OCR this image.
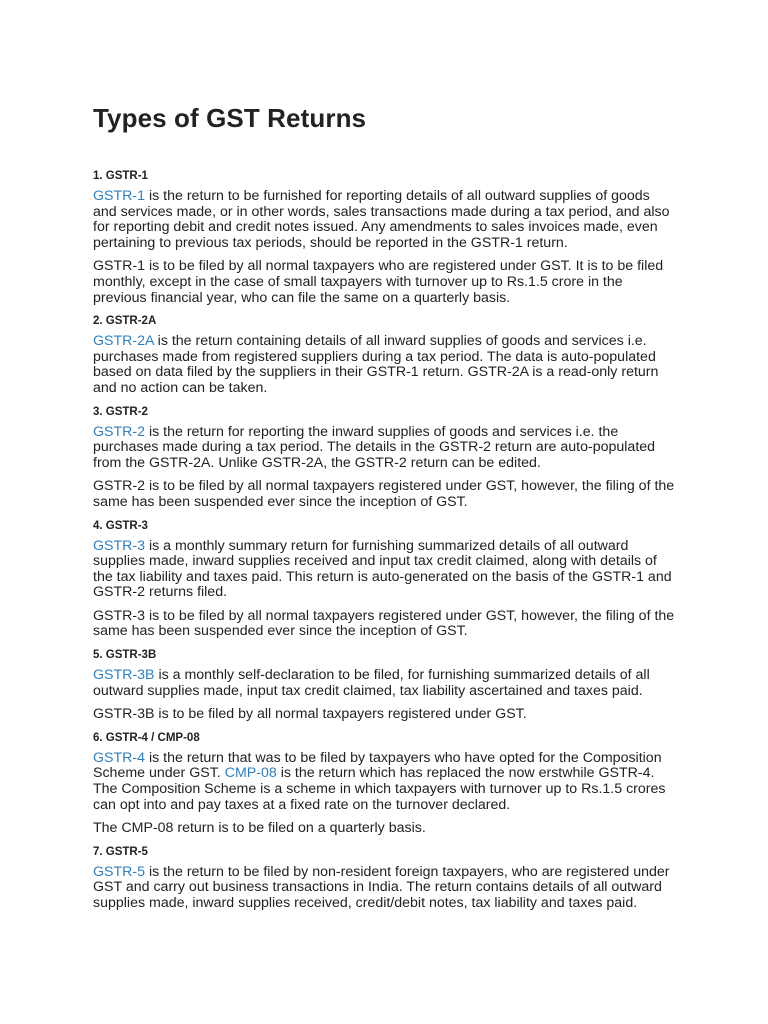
Types of GST Returns
1. GSTR-1

GSTR-1 is the return to be furnished for reporting details of all outward supplies of goods and services made, or in other words, sales transactions made during a tax period, and also for reporting debit and credit notes issued. Any amendments to sales invoices made, even pertaining to previous tax periods, should be reported in the GSTR-1 return.

GSTR-1 is to be filed by all normal taxpayers who are registered under GST. It is to be filed monthly, except in the case of small taxpayers with turnover up to Rs.1.5 crore in the previous financial year, who can file the same on a quarterly basis.

2. GSTR-2A

GSTR-2A is the return containing details of all inward supplies of goods and services i.e. purchases made from registered suppliers during a tax period. The data is auto-populated based on data filed by the suppliers in their GSTR-1 return. GSTR-2A is a read-only return and no action can be taken.

3. GSTR-2

GSTR-2 is the return for reporting the inward supplies of goods and services i.e. the purchases made during a tax period. The details in the GSTR-2 return are auto-populated from the GSTR-2A. Unlike GSTR-2A, the GSTR-2 return can be edited.

GSTR-2 is to be filed by all normal taxpayers registered under GST, however, the filing of the same has been suspended ever since the inception of GST.

4. GSTR-3

GSTR-3 is a monthly summary return for furnishing summarized details of all outward supplies made, inward supplies received and input tax credit claimed, along with details of the tax liability and taxes paid. This return is auto-generated on the basis of the GSTR-1 and GSTR-2 returns filed.

GSTR-3 is to be filed by all normal taxpayers registered under GST, however, the filing of the same has been suspended ever since the inception of GST.

5. GSTR-3B

GSTR-3B is a monthly self-declaration to be filed, for furnishing summarized details of all outward supplies made, input tax credit claimed, tax liability ascertained and taxes paid.

GSTR-3B is to be filed by all normal taxpayers registered under GST.

6. GSTR-4 / CMP-08

GSTR-4 is the return that was to be filed by taxpayers who have opted for the Composition Scheme under GST. CMP-08 is the return which has replaced the now erstwhile GSTR-4. The Composition Scheme is a scheme in which taxpayers with turnover up to Rs.1.5 crores can opt into and pay taxes at a fixed rate on the turnover declared.

The CMP-08 return is to be filed on a quarterly basis.

7. GSTR-5

GSTR-5 is the return to be filed by non-resident foreign taxpayers, who are registered under GST and carry out business transactions in India. The return contains details of all outward supplies made, inward supplies received, credit/debit notes, tax liability and taxes paid.
